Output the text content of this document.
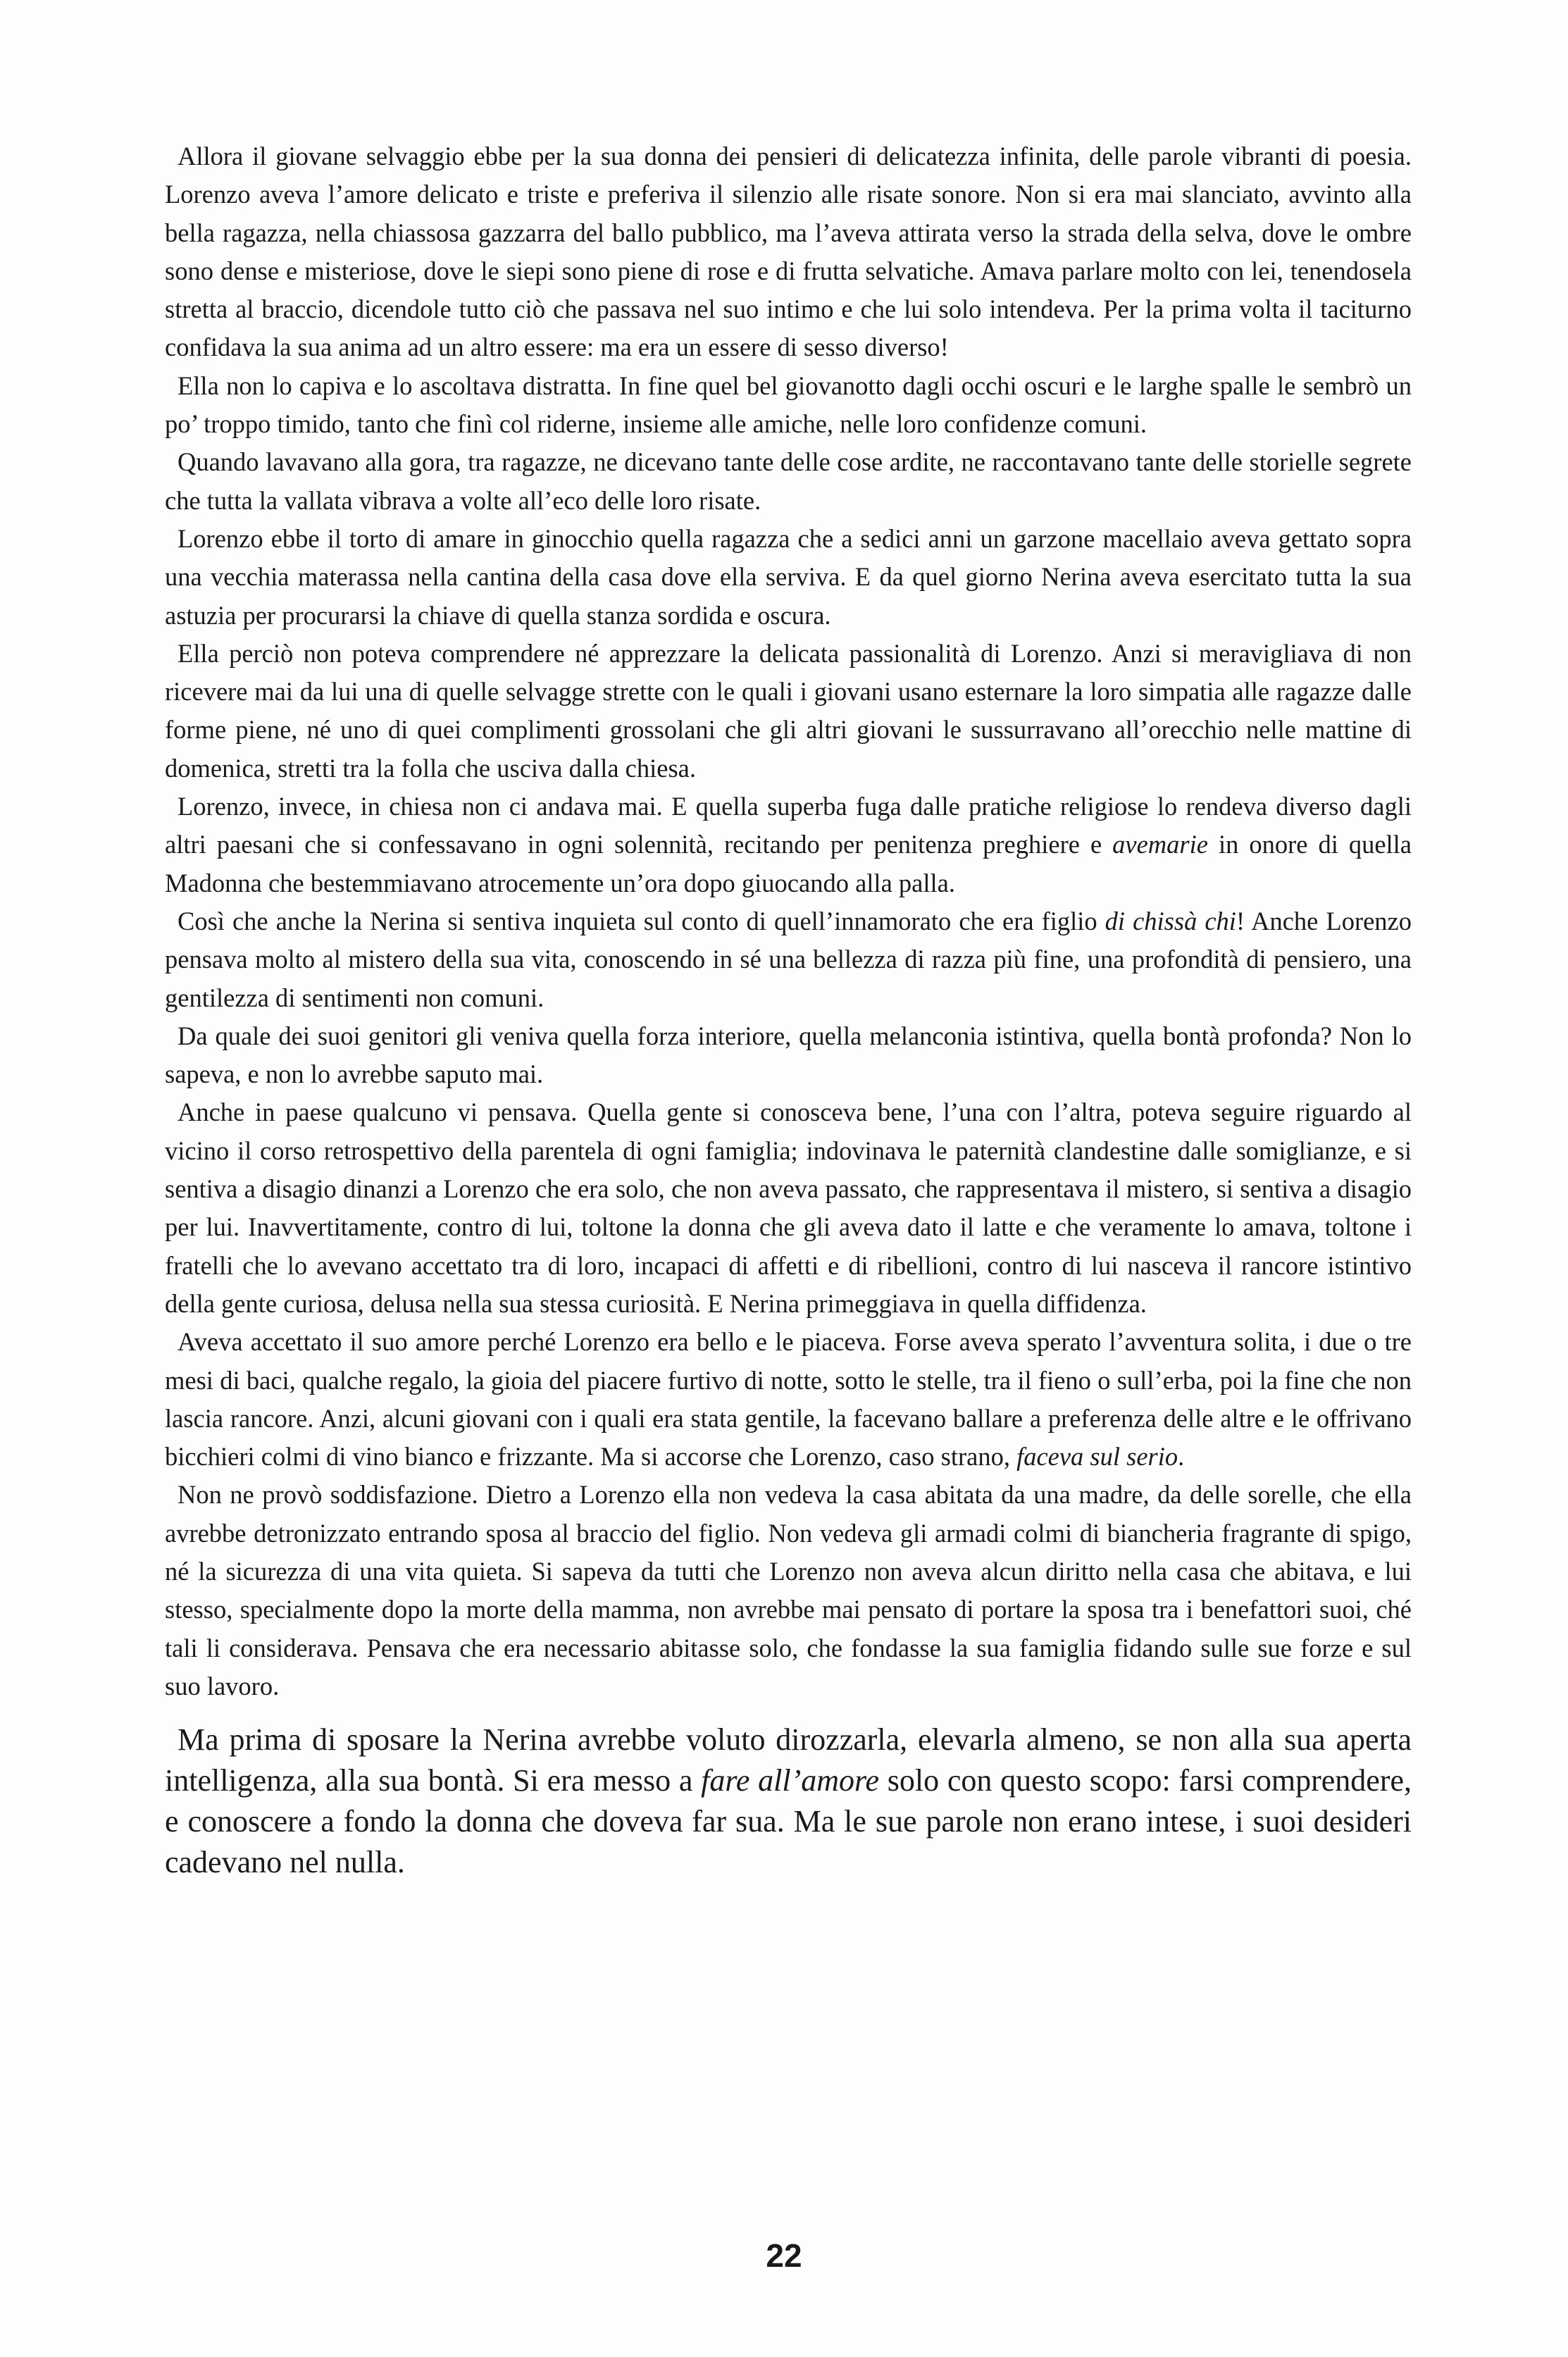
Allora il giovane selvaggio ebbe per la sua donna dei pensieri di delicatezza infinita, delle parole vibranti di poesia. Lorenzo aveva l’amore delicato e triste e preferiva il silenzio alle risate sonore. Non si era mai slanciato, avvinto alla bella ragazza, nella chiassosa gazzarra del ballo pubblico, ma l’aveva attirata verso la strada della selva, dove le ombre sono dense e misteriose, dove le siepi sono piene di rose e di frutta selvatiche. Amava parlare molto con lei, tenendosela stretta al braccio, dicendole tutto ciò che passava nel suo intimo e che lui solo intendeva. Per la prima volta il taciturno confidava la sua anima ad un altro essere: ma era un essere di sesso diverso!

Ella non lo capiva e lo ascoltava distratta. In fine quel bel giovanotto dagli occhi oscuri e le larghe spalle le sembrò un po’ troppo timido, tanto che finì col riderne, insieme alle amiche, nelle loro confidenze comuni.

Quando lavavano alla gora, tra ragazze, ne dicevano tante delle cose ardite, ne raccontavano tante delle storielle segrete che tutta la vallata vibrava a volte all’eco delle loro risate.

Lorenzo ebbe il torto di amare in ginocchio quella ragazza che a sedici anni un garzone macellaio aveva gettato sopra una vecchia materassa nella cantina della casa dove ella serviva. E da quel giorno Nerina aveva esercitato tutta la sua astuzia per procurarsi la chiave di quella stanza sordida e oscura.

Ella perciò non poteva comprendere né apprezzare la delicata passionalità di Lorenzo. Anzi si meravigliava di non ricevere mai da lui una di quelle selvagge strette con le quali i giovani usano esternare la loro simpatia alle ragazze dalle forme piene, né uno di quei complimenti grossolani che gli altri giovani le sussurravano all’orecchio nelle mattine di domenica, stretti tra la folla che usciva dalla chiesa.

Lorenzo, invece, in chiesa non ci andava mai. E quella superba fuga dalle pratiche religiose lo rendeva diverso dagli altri paesani che si confessavano in ogni solennità, recitando per penitenza preghiere e avemarie in onore di quella Madonna che bestemmiavano atrocemente un’ora dopo giuocando alla palla.

Così che anche la Nerina si sentiva inquieta sul conto di quell’innamorato che era figlio di chissà chi! Anche Lorenzo pensava molto al mistero della sua vita, conoscendo in sé una bellezza di razza più fine, una profondità di pensiero, una gentilezza di sentimenti non comuni.

Da quale dei suoi genitori gli veniva quella forza interiore, quella melanconia istintiva, quella bontà profonda? Non lo sapeva, e non lo avrebbe saputo mai.

Anche in paese qualcuno vi pensava. Quella gente si conosceva bene, l’una con l’altra, poteva seguire riguardo al vicino il corso retrospettivo della parentela di ogni famiglia; indovinava le paternità clandestine dalle somiglianze, e si sentiva a disagio dinanzi a Lorenzo che era solo, che non aveva passato, che rappresentava il mistero, si sentiva a disagio per lui. Inavvertitamente, contro di lui, toltone la donna che gli aveva dato il latte e che veramente lo amava, toltone i fratelli che lo avevano accettato tra di loro, incapaci di affetti e di ribellioni, contro di lui nasceva il rancore istintivo della gente curiosa, delusa nella sua stessa curiosità. E Nerina primeggiava in quella diffidenza.

Aveva accettato il suo amore perché Lorenzo era bello e le piaceva. Forse aveva sperato l’avventura solita, i due o tre mesi di baci, qualche regalo, la gioia del piacere furtivo di notte, sotto le stelle, tra il fieno o sull’erba, poi la fine che non lascia rancore. Anzi, alcuni giovani con i quali era stata gentile, la facevano ballare a preferenza delle altre e le offrivano bicchieri colmi di vino bianco e frizzante. Ma si accorse che Lorenzo, caso strano, faceva sul serio.

Non ne provò soddisfazione. Dietro a Lorenzo ella non vedeva la casa abitata da una madre, da delle sorelle, che ella avrebbe detronizzato entrando sposa al braccio del figlio. Non vedeva gli armadi colmi di biancheria fragrante di spigo, né la sicurezza di una vita quieta. Si sapeva da tutti che Lorenzo non aveva alcun diritto nella casa che abitava, e lui stesso, specialmente dopo la morte della mamma, non avrebbe mai pensato di portare la sposa tra i benefattori suoi, ché tali li considerava. Pensava che era necessario abitasse solo, che fondasse la sua famiglia fidando sulle sue forze e sul suo lavoro.

Ma prima di sposare la Nerina avrebbe voluto dirozzarla, elevarla almeno, se non alla sua aperta intelligenza, alla sua bontà. Si era messo a fare all’amore solo con questo scopo: farsi comprendere, e conoscere a fondo la donna che doveva far sua. Ma le sue parole non erano intese, i suoi desideri cadevano nel nulla.

22
